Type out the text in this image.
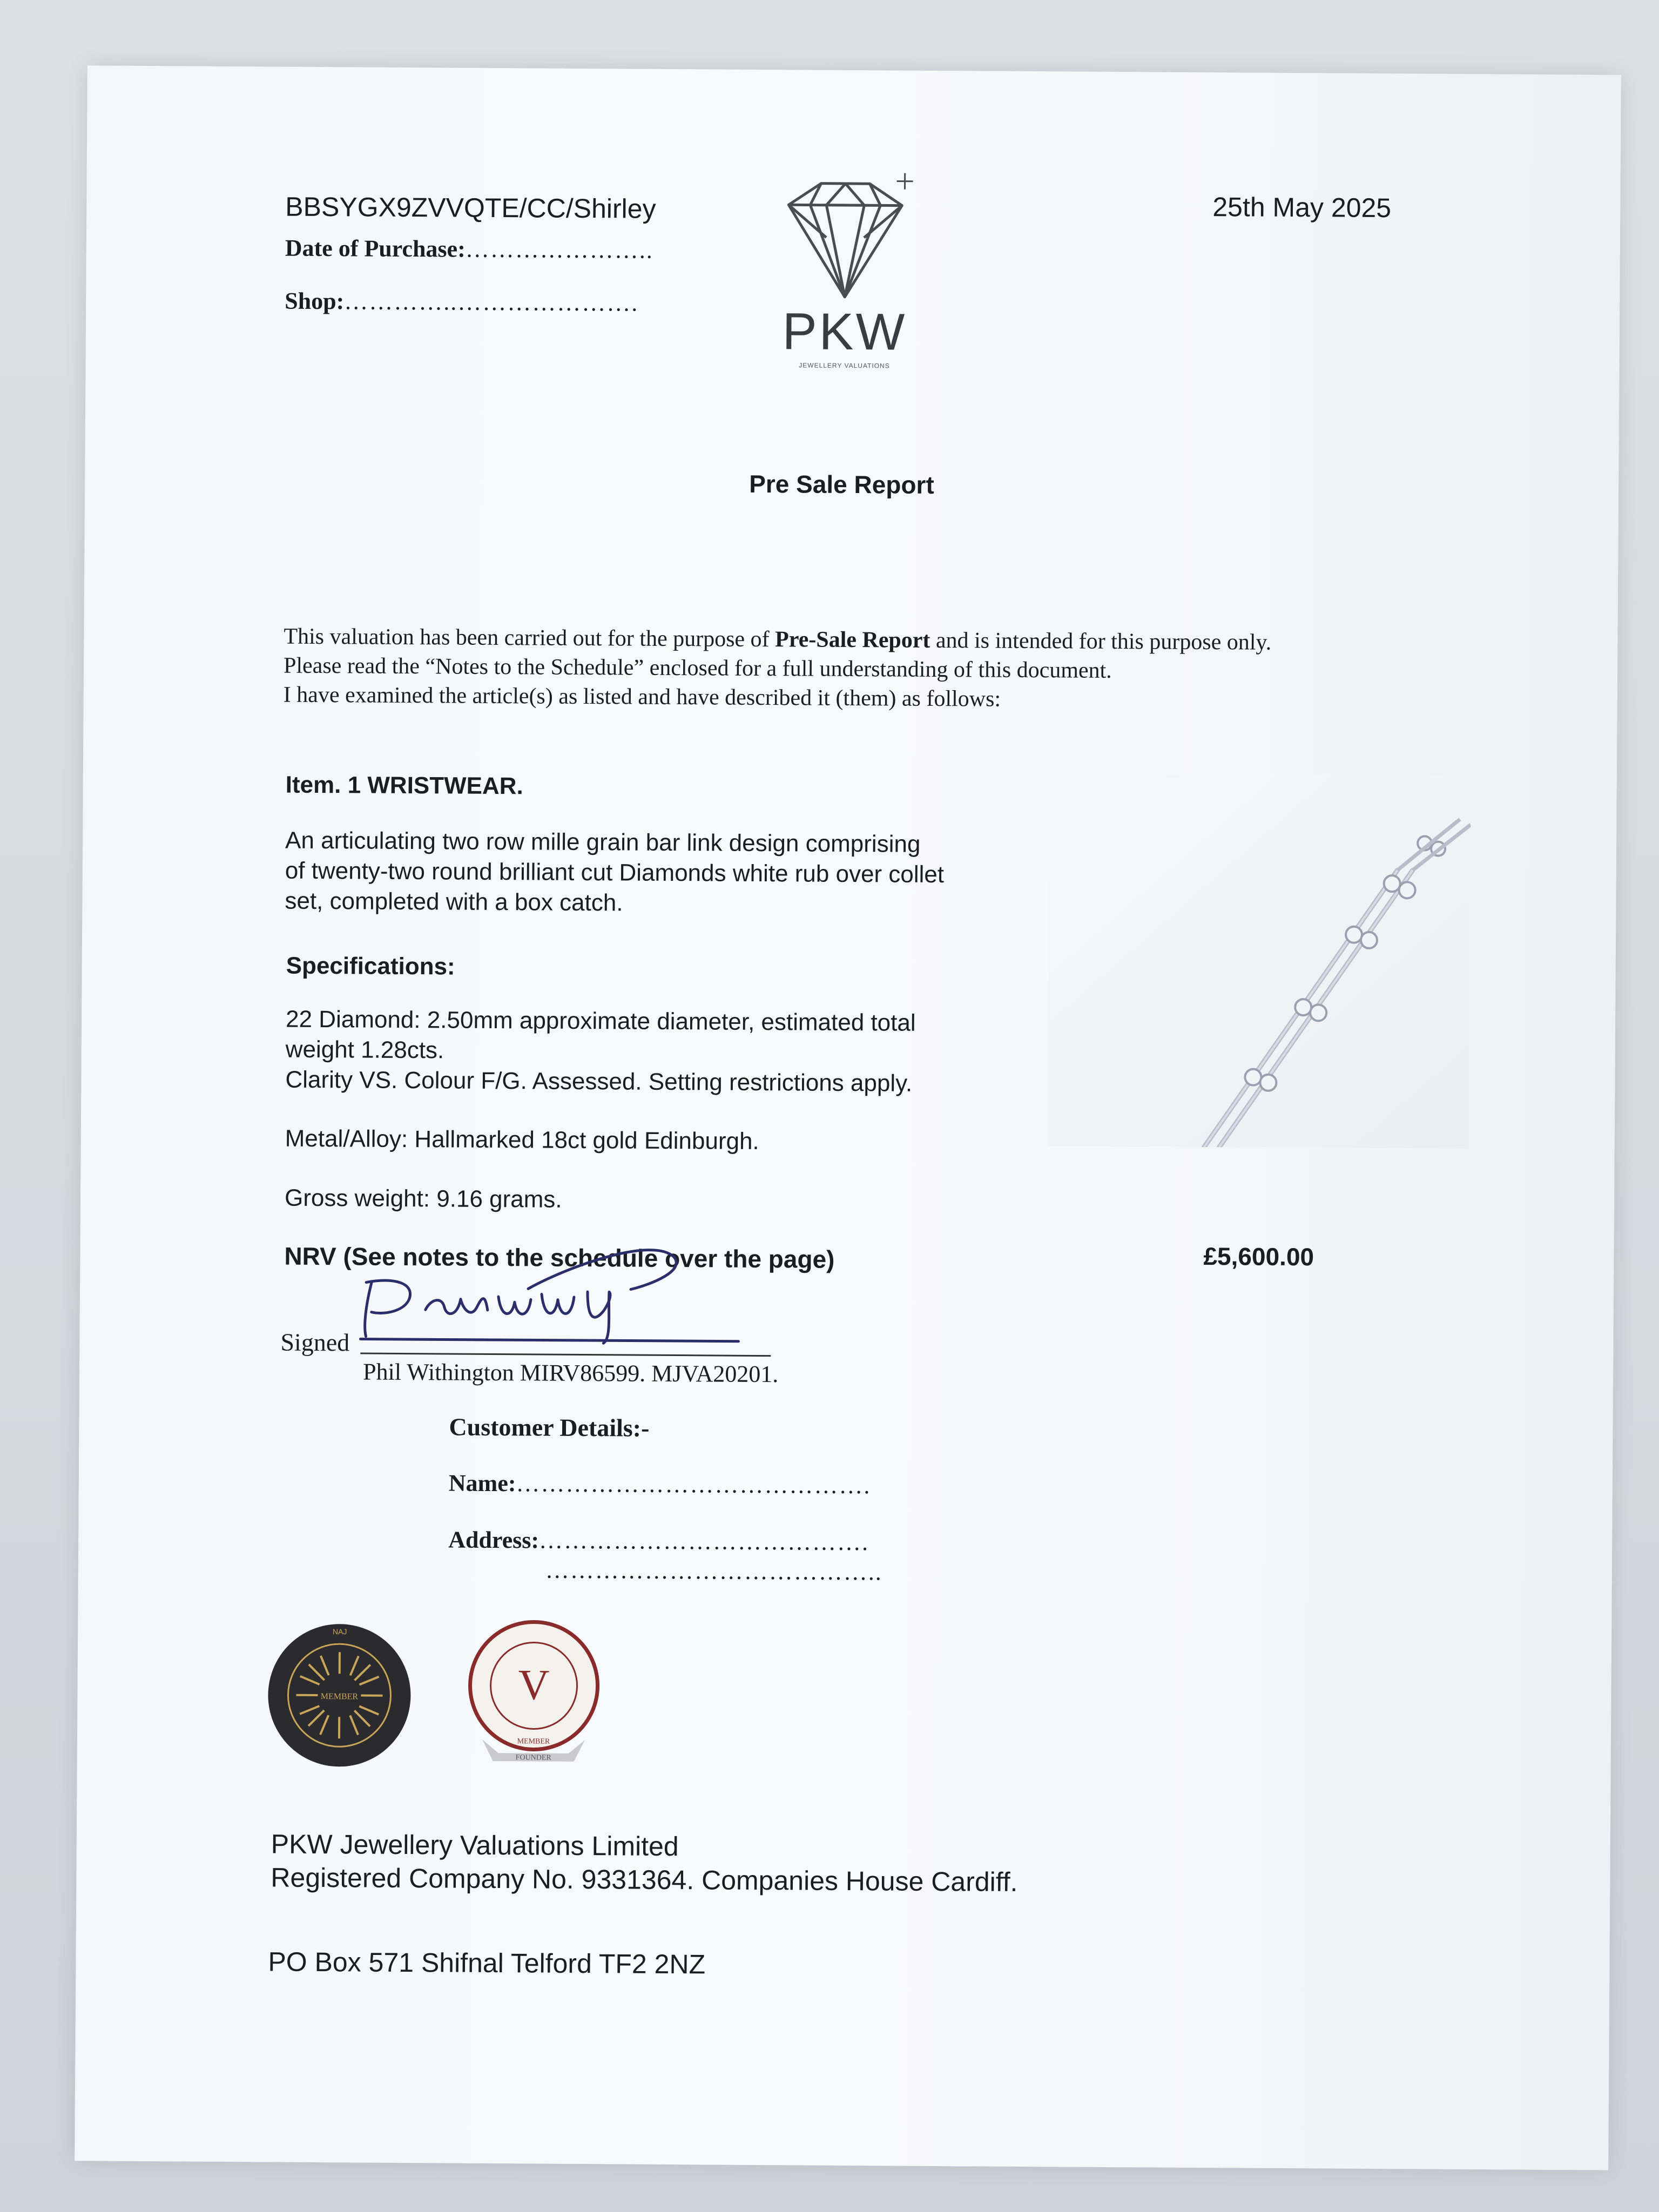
BBSYGX9ZVVQTE/CC/Shirley	25th May 2025
Date of Purchase:…………………..
Shop:…………..………………….
PKW
JEWELLERY VALUATIONS
Pre Sale Report
This valuation has been carried out for the purpose of Pre-Sale Report and is intended for this purpose only.
Please read the “Notes to the Schedule” enclosed for a full understanding of this document.
I have examined the article(s) as listed and have described it (them) as follows:
Item. 1 WRISTWEAR.
An articulating two row mille grain bar link design comprising
of twenty-two round brilliant cut Diamonds white rub over collet
set, completed with a box catch.
Specifications:
22 Diamond: 2.50mm approximate diameter, estimated total
weight 1.28cts.
Clarity VS. Colour F/G. Assessed. Setting restrictions apply.
Metal/Alloy: Hallmarked 18ct gold Edinburgh.
Gross weight: 9.16 grams.
NRV (See notes to the schedule over the page)	£5,600.00
Signed
Phil Withington MIRV86599. MJVA20201.
Customer Details:-
Name:…………………………………….
Address:………………………………….
…………………………………..
MEMBER
NAJ
V
MEMBER
FOUNDER
PKW Jewellery Valuations Limited
Registered Company No. 9331364. Companies House Cardiff.
PO Box 571 Shifnal Telford TF2 2NZ
